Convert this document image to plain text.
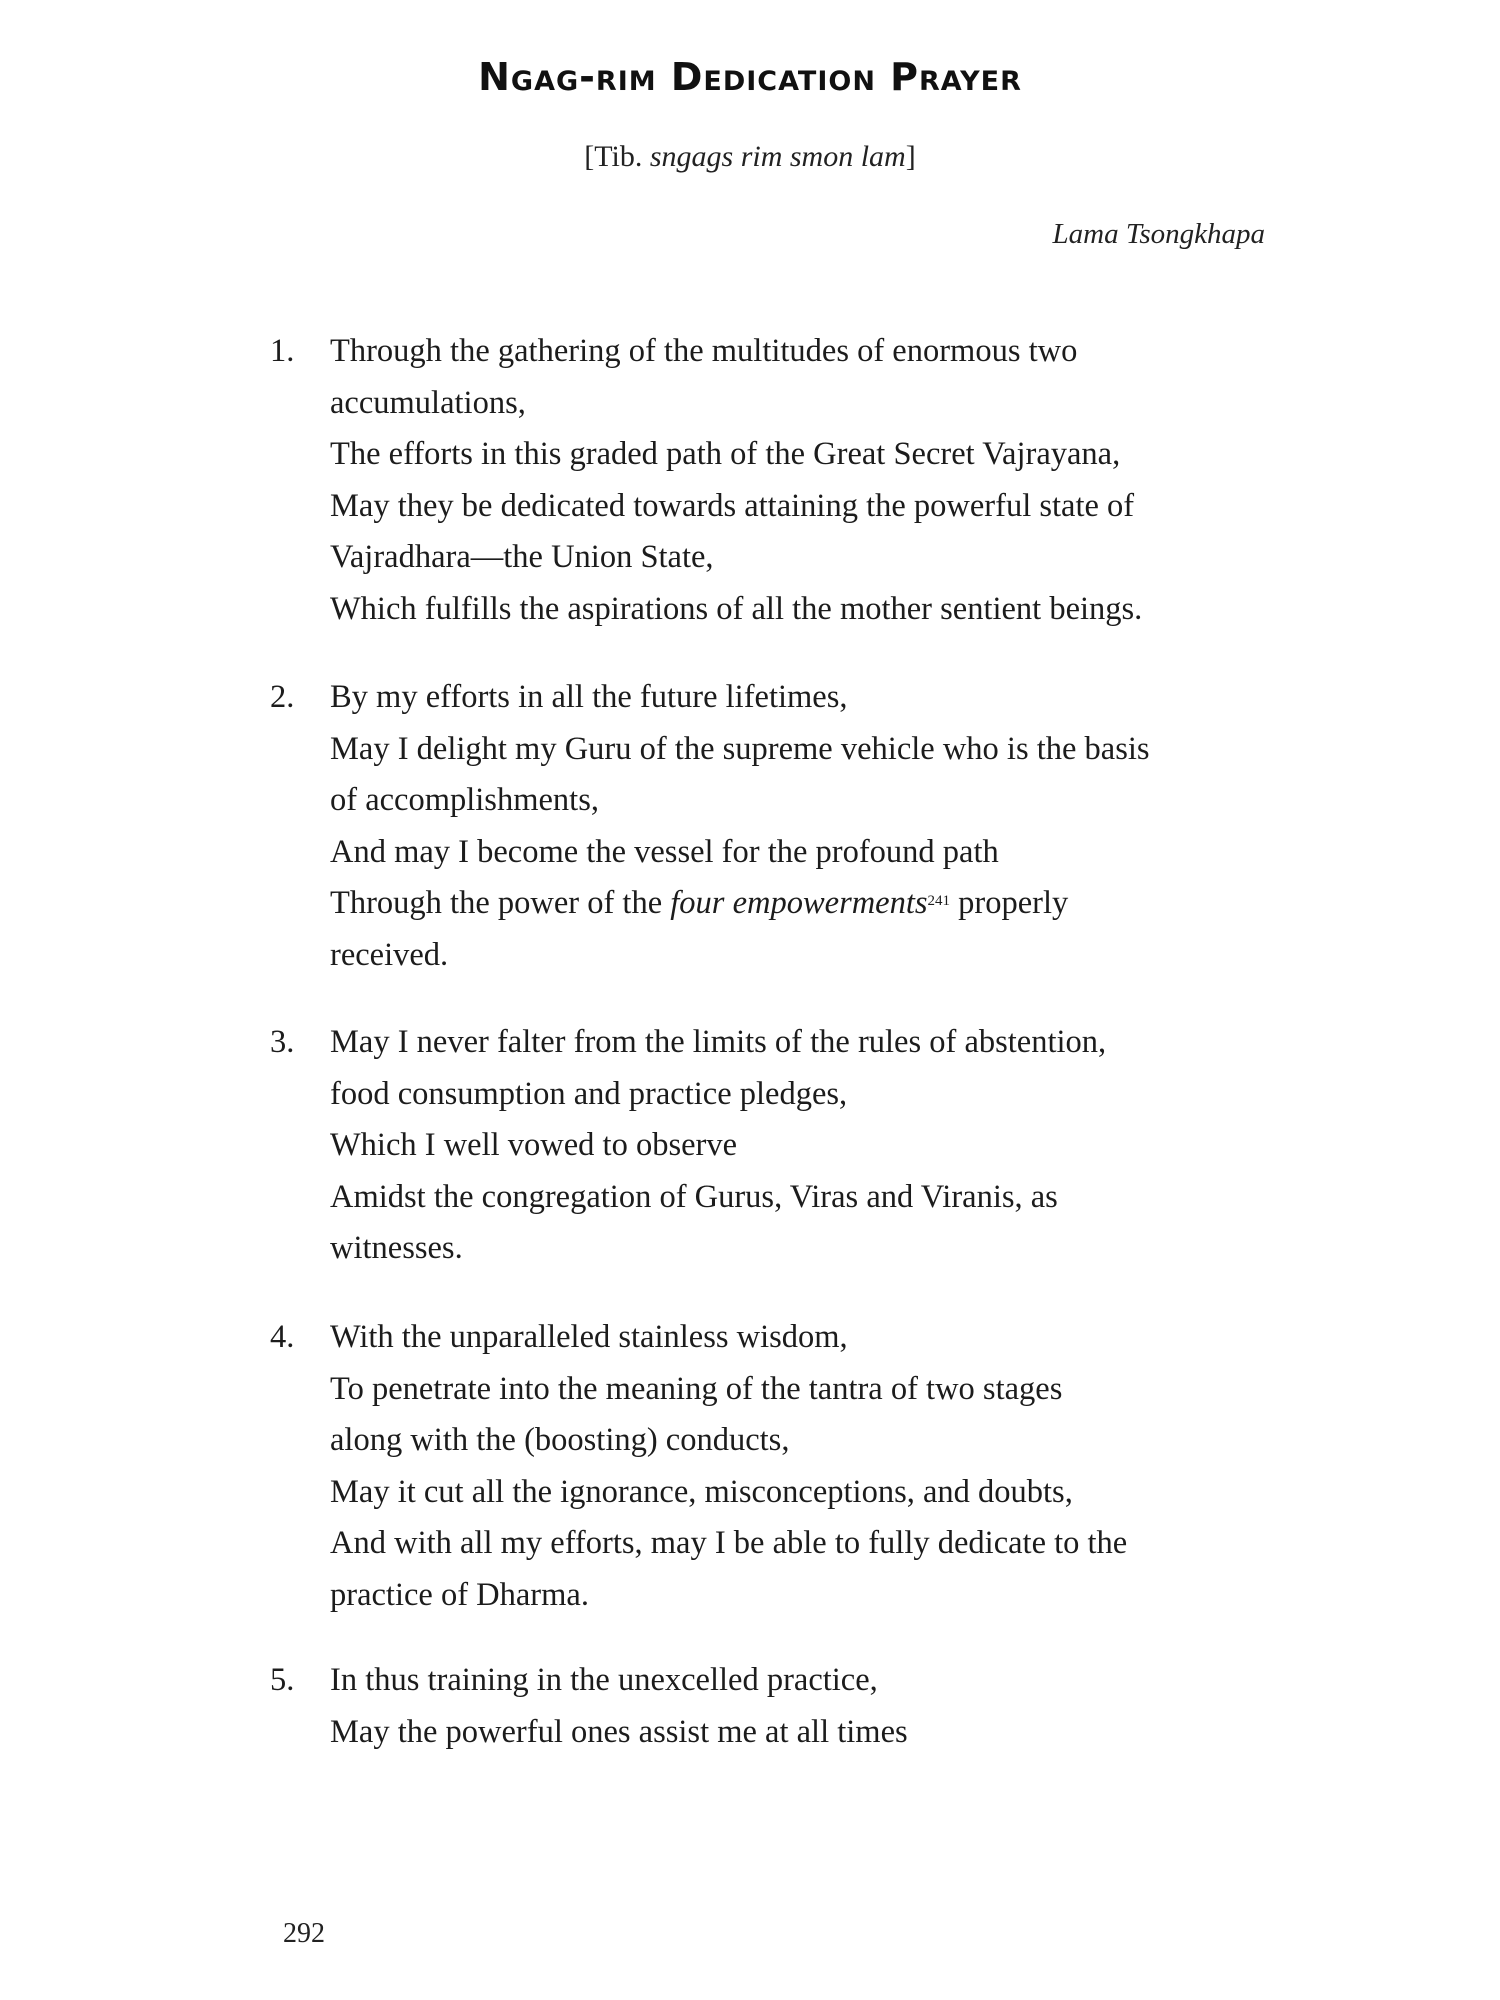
Ngag-rim Dedication Prayer
[Tib. sngags rim smon lam]
Lama Tsongkhapa
1.	Through the gathering of the multitudes of enormous two
accumulations,
The efforts in this graded path of the Great Secret Vajrayana,
May they be dedicated towards attaining the powerful state of
Vajradhara—the Union State,
Which fulfills the aspirations of all the mother sentient beings.
2.	By my efforts in all the future lifetimes,
May I delight my Guru of the supreme vehicle who is the basis
of accomplishments,
And may I become the vessel for the profound path
Through the power of the four empowerments$^{241}$ properly
received.
3.	May I never falter from the limits of the rules of abstention,
food consumption and practice pledges,
Which I well vowed to observe
Amidst the congregation of Gurus, Viras and Viranis, as
witnesses.
4.	With the unparalleled stainless wisdom,
To penetrate into the meaning of the tantra of two stages
along with the (boosting) conducts,
May it cut all the ignorance, misconceptions, and doubts,
And with all my efforts, may I be able to fully dedicate to the
practice of Dharma.
5.	In thus training in the unexcelled practice,
May the powerful ones assist me at all times
292
